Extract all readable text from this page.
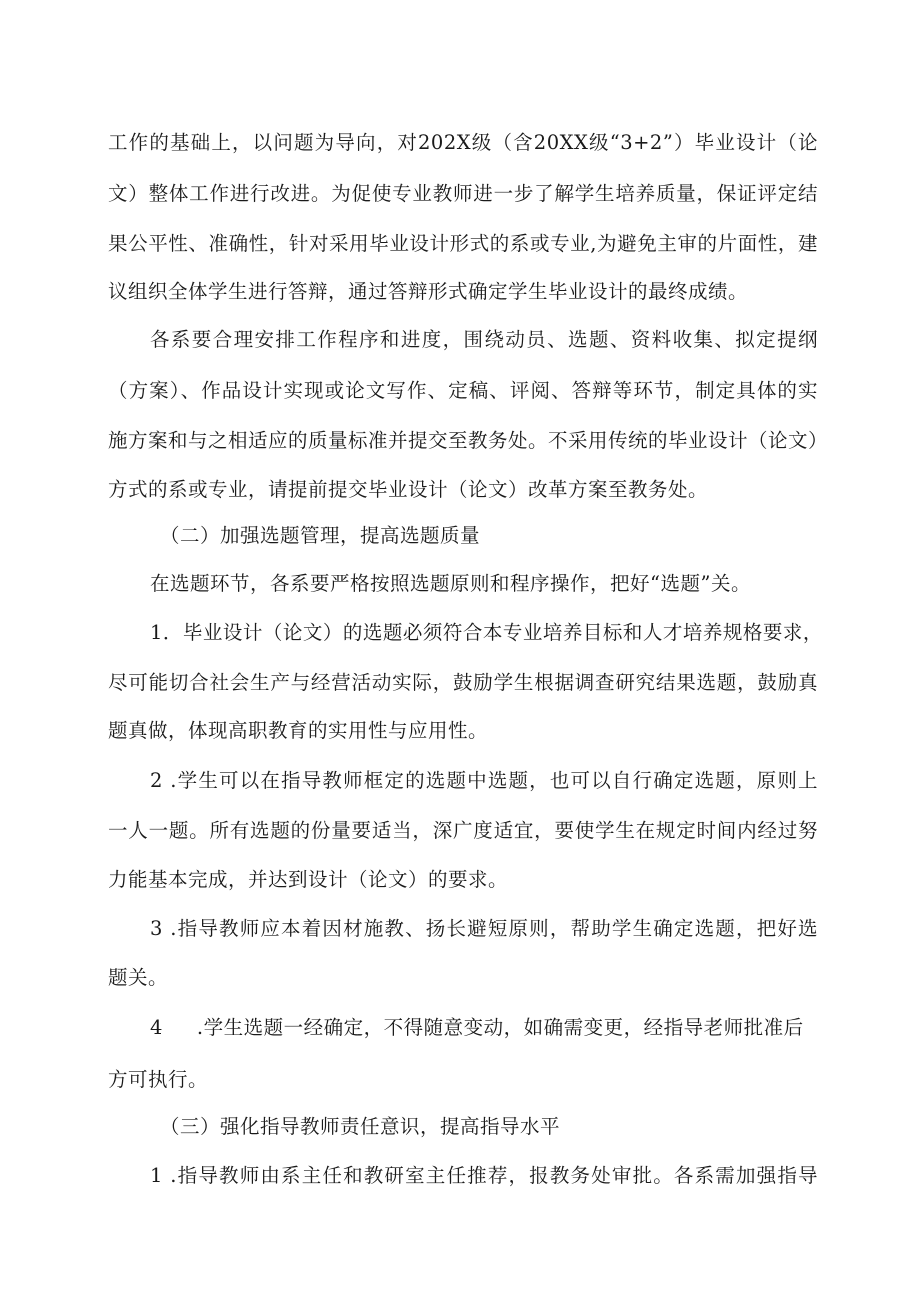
工作的基础上，以问题为导向，对202X级（含20XX级“3+2”）毕业设计（论
文）整体工作进行改进。为促使专业教师进一步了解学生培养质量，保证评定结
果公平性、准确性，针对采用毕业设计形式的系或专业,为避免主审的片面性，建
议组织全体学生进行答辩，通过答辩形式确定学生毕业设计的最终成绩。
各系要合理安排工作程序和进度，围绕动员、选题、资料收集、拟定提纲
（方案）、作品设计实现或论文写作、定稿、评阅、答辩等环节，制定具体的实
施方案和与之相适应的质量标准并提交至教务处。不采用传统的毕业设计（论文）
方式的系或专业，请提前提交毕业设计（论文）改革方案至教务处。
（二）加强选题管理，提高选题质量
在选题环节，各系要严格按照选题原则和程序操作，把好“选题”关。
1．毕业设计（论文）的选题必须符合本专业培养目标和人才培养规格要求，
尽可能切合社会生产与经营活动实际，鼓励学生根据调查研究结果选题，鼓励真
题真做，体现高职教育的实用性与应用性。
2 .学生可以在指导教师框定的选题中选题，也可以自行确定选题，原则上
一人一题。所有选题的份量要适当，深广度适宜，要使学生在规定时间内经过努
力能基本完成，并达到设计（论文）的要求。
3 .指导教师应本着因材施教、扬长避短原则，帮助学生确定选题，把好选
题关。
4 .学生选题一经确定，不得随意变动，如确需变更，经指导老师批准后
方可执行。
（三）强化指导教师责任意识，提高指导水平
1 .指导教师由系主任和教研室主任推荐，报教务处审批。各系需加强指导
